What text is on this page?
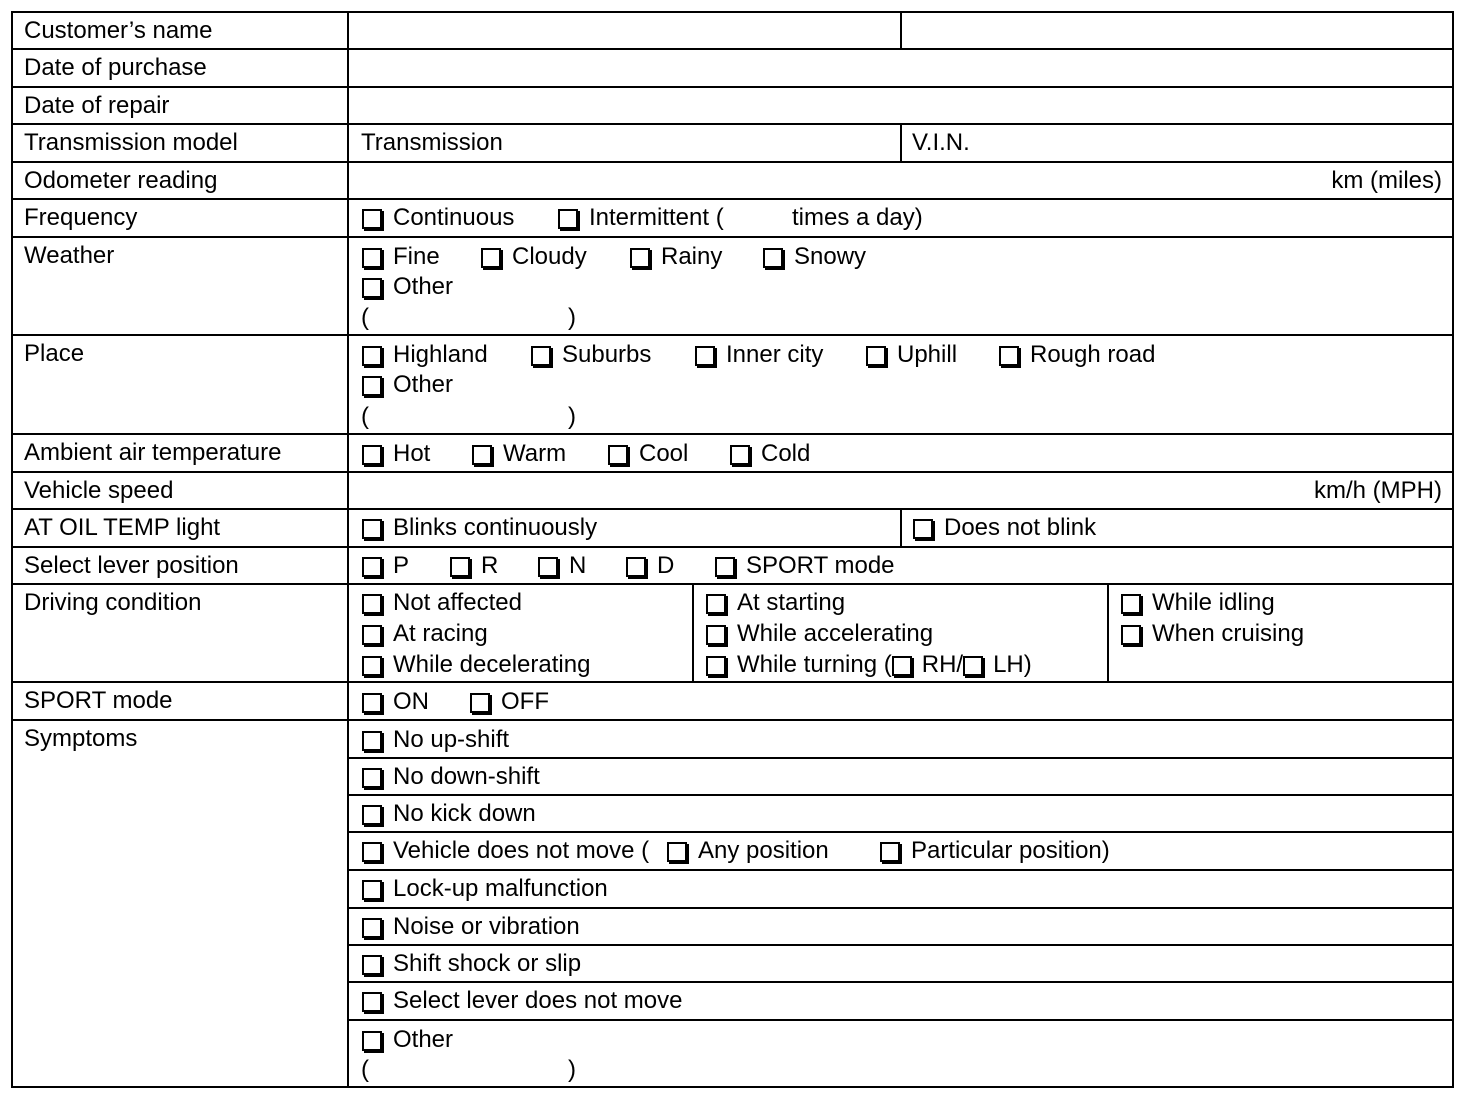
Customer’s name
Date of purchase
Date of repair
Transmission model	Transmission	V.I.N.
Odometer reading	km (miles)
Frequency	Continuous	Intermittent (	times a day)
Weather	Fine	Cloudy	Rainy	Snowy
Other
(	)
Place	Highland	Suburbs	Inner city	Uphill	Rough road
Other
(	)
Ambient air temperature	Hot	Warm	Cool	Cold
Vehicle speed	km/h (MPH)
AT OIL TEMP light	Blinks continuously	Does not blink
Select lever position	P	R	N	D	SPORT mode
Driving condition	Not affected
At racing
While decelerating
At starting
While accelerating
While turning ( RH/ LH)
While idling
When cruising
SPORT mode	ON	OFF
Symptoms	No up-shift
No down-shift
No kick down
Vehicle does not move (	Any position	Particular position)
Lock-up malfunction
Noise or vibration
Shift shock or slip
Select lever does not move
Other
(	)
